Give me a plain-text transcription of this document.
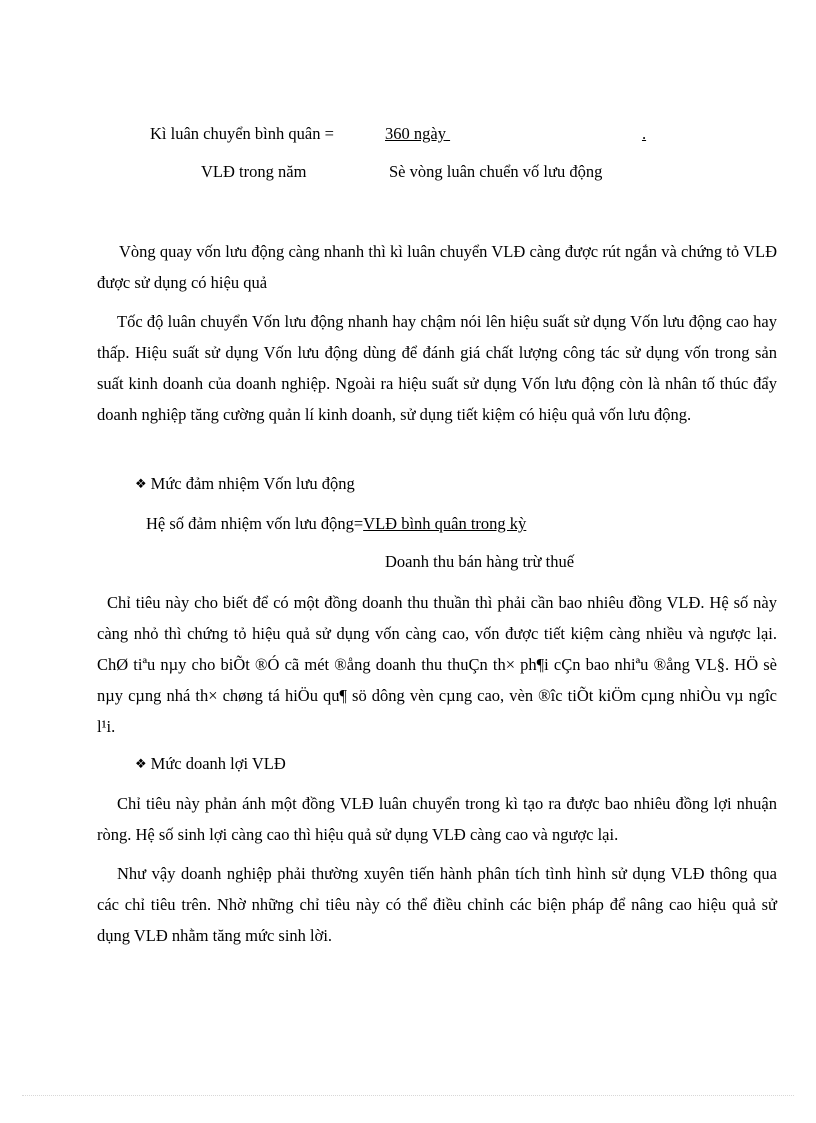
Kì luân chuyển bình quân =	360 ngày	.
VLĐ trong năm	Sè vòng luân chuển vố lưu động

Vòng quay vốn lưu động càng nhanh thì kì luân chuyển VLĐ càng được rút ngắn và chứng tỏ VLĐ được sử dụng có hiệu quả

Tốc độ luân chuyển Vốn lưu động nhanh hay chậm nói lên hiệu suất sử dụng Vốn lưu động cao hay thấp. Hiệu suất sử dụng Vốn lưu động dùng để đánh giá chất lượng công tác sử dụng vốn trong sản suất kinh doanh của doanh nghiệp. Ngoài ra hiệu suất sử dụng Vốn lưu động còn là nhân tố thúc đẩy doanh nghiệp tăng cường quản lí kinh doanh, sử dụng tiết kiệm có hiệu quả vốn lưu động.

❖ Mức đảm nhiệm Vốn lưu động
Hệ số đảm nhiệm vốn lưu động=VLĐ bình quân trong kỳ
Doanh thu bán hàng trừ thuế

Chỉ tiêu này cho biết để có một đồng doanh thu thuần thì phải cần bao nhiêu đồng VLĐ. Hệ số này càng nhỏ thì chứng tỏ hiệu quả sử dụng vốn càng cao, vốn được tiết kiệm càng nhiều và ngược lại. ChØ tiªu nµy cho biÕt ®Ó cã mét ®ång doanh thu thuÇn th× ph¶i cÇn bao nhiªu ®ång VL§. HÖ sè nµy cµng nhá th× chøng tá hiÖu qu¶ sö dông vèn cµng cao, vèn ®îc tiÕt kiÖm cµng nhiÒu vµ ngîc l¹i.

❖ Mức doanh lợi VLĐ

Chỉ tiêu này phản ánh một đồng VLĐ luân chuyển trong kì tạo ra được bao nhiêu đồng lợi nhuận ròng. Hệ số sinh lợi càng cao thì hiệu quả sử dụng VLĐ càng cao và ngược lại.

Như vậy doanh nghiệp phải thường xuyên tiến hành phân tích tình hình sử dụng VLĐ thông qua các chỉ tiêu trên. Nhờ những chỉ tiêu này có thể điều chỉnh các biện pháp để nâng cao hiệu quả sử dụng VLĐ nhằm tăng mức sinh lời.
